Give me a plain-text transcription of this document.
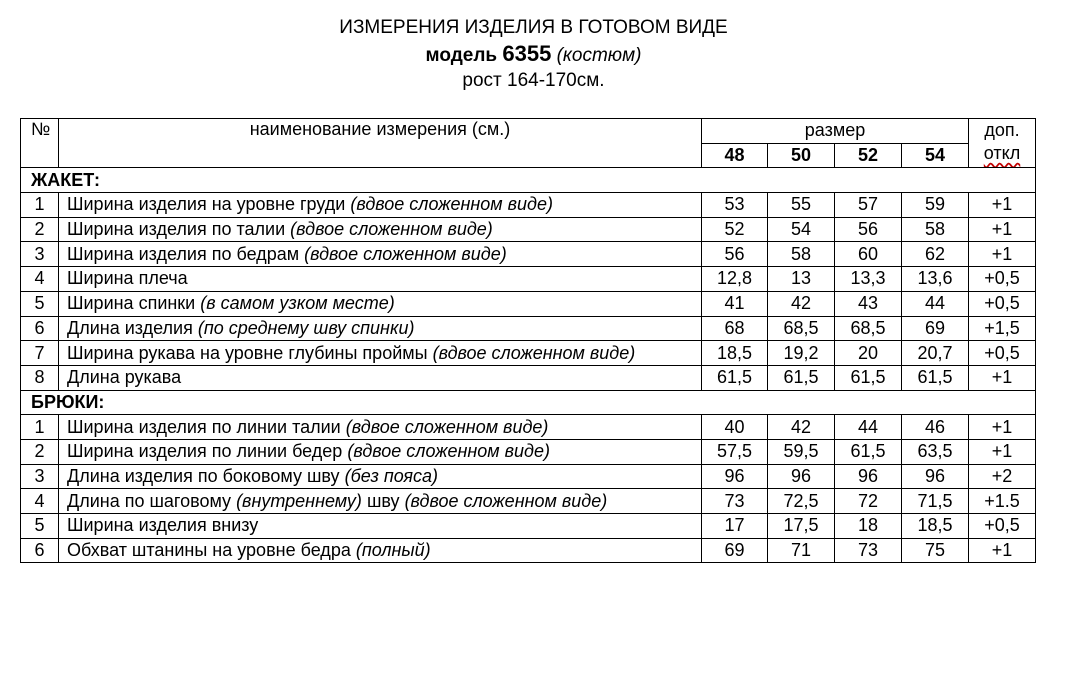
ИЗМЕРЕНИЯ ИЗДЕЛИЯ В ГОТОВОМ ВИДЕ
модель 6355 (костюм)
рост 164-170см.
№	наименование измерения (см.)	размер				доп.
откл
		48	50	52	54	
ЖАКЕТ:						
1	Ширина изделия на уровне груди (вдвое сложенном виде)	53	55	57	59	+1
2	Ширина изделия по талии (вдвое сложенном виде)	52	54	56	58	+1
3	Ширина изделия по бедрам (вдвое сложенном виде)	56	58	60	62	+1
4	Ширина плеча	12,8	13	13,3	13,6	+0,5
5	Ширина спинки (в самом узком месте)	41	42	43	44	+0,5
6	Длина изделия (по среднему шву спинки)	68	68,5	68,5	69	+1,5
7	Ширина рукава на уровне глубины проймы (вдвое сложенном виде)	18,5	19,2	20	20,7	+0,5
8	Длина рукава	61,5	61,5	61,5	61,5	+1
БРЮКИ:						
1	Ширина изделия по линии талии (вдвое сложенном виде)	40	42	44	46	+1
2	Ширина изделия по линии бедер (вдвое сложенном виде)	57,5	59,5	61,5	63,5	+1
3	Длина изделия по боковому шву (без пояса)	96	96	96	96	+2
4	Длина по шаговому (внутреннему) шву (вдвое сложенном виде)	73	72,5	72	71,5	+1.5
5	Ширина изделия внизу	17	17,5	18	18,5	+0,5
6	Обхват штанины на уровне бедра (полный)	69	71	73	75	+1
